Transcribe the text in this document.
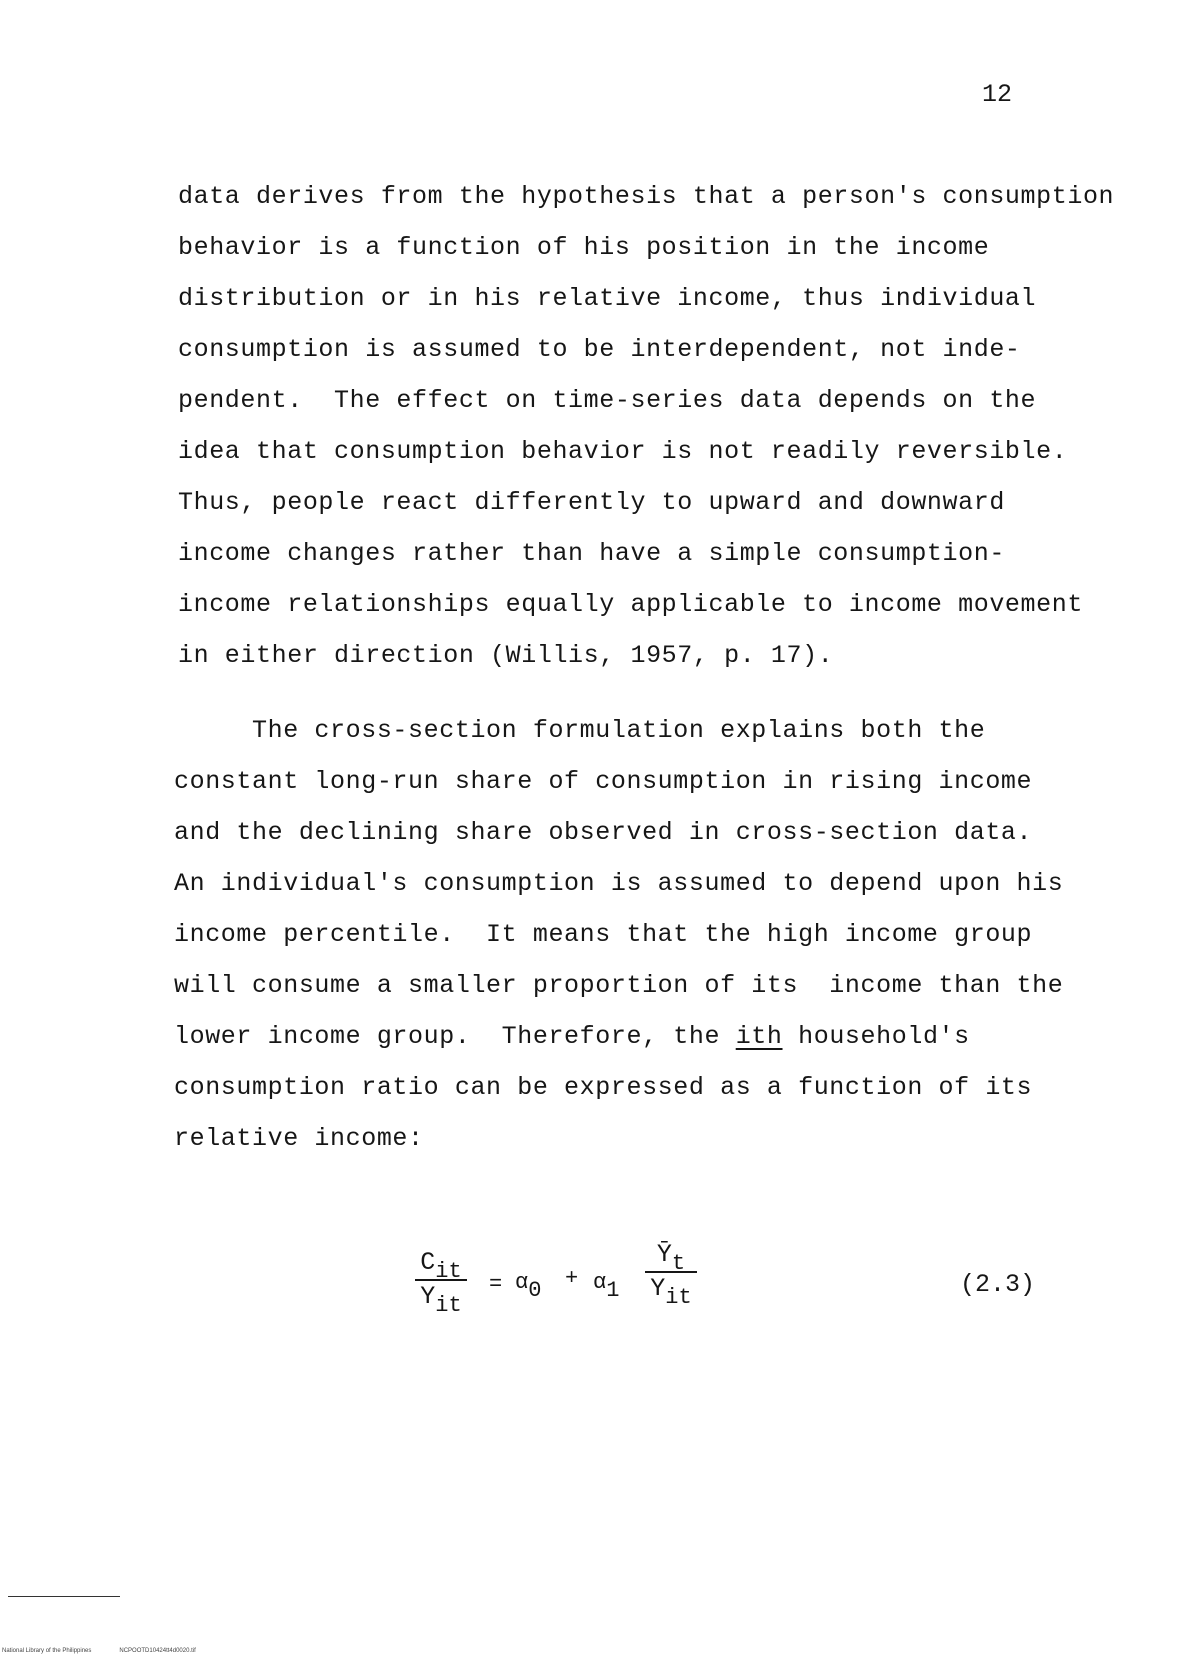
12
data derives from the hypothesis that a person's consumption
behavior is a function of his position in the income
distribution or in his relative income, thus individual
consumption is assumed to be interdependent, not inde-
pendent.  The effect on time-series data depends on the
idea that consumption behavior is not readily reversible.
Thus, people react differently to upward and downward
income changes rather than have a simple consumption-
income relationships equally applicable to income movement
in either direction (Willis, 1957, p. 17).
The cross-section formulation explains both the
constant long-run share of consumption in rising income
and the declining share observed in cross-section data.
An individual's consumption is assumed to depend upon his
income percentile.  It means that the high income group
will consume a smaller proportion of its  income than the
lower income group.  Therefore, the ith household's
consumption ratio can be expressed as a function of its
relative income:
Cit
Yit
= α0 + α1
Ȳt
Yit	(2.3)
National Library of the Philippines	NCPOOTD10424tt4d0020.tif
